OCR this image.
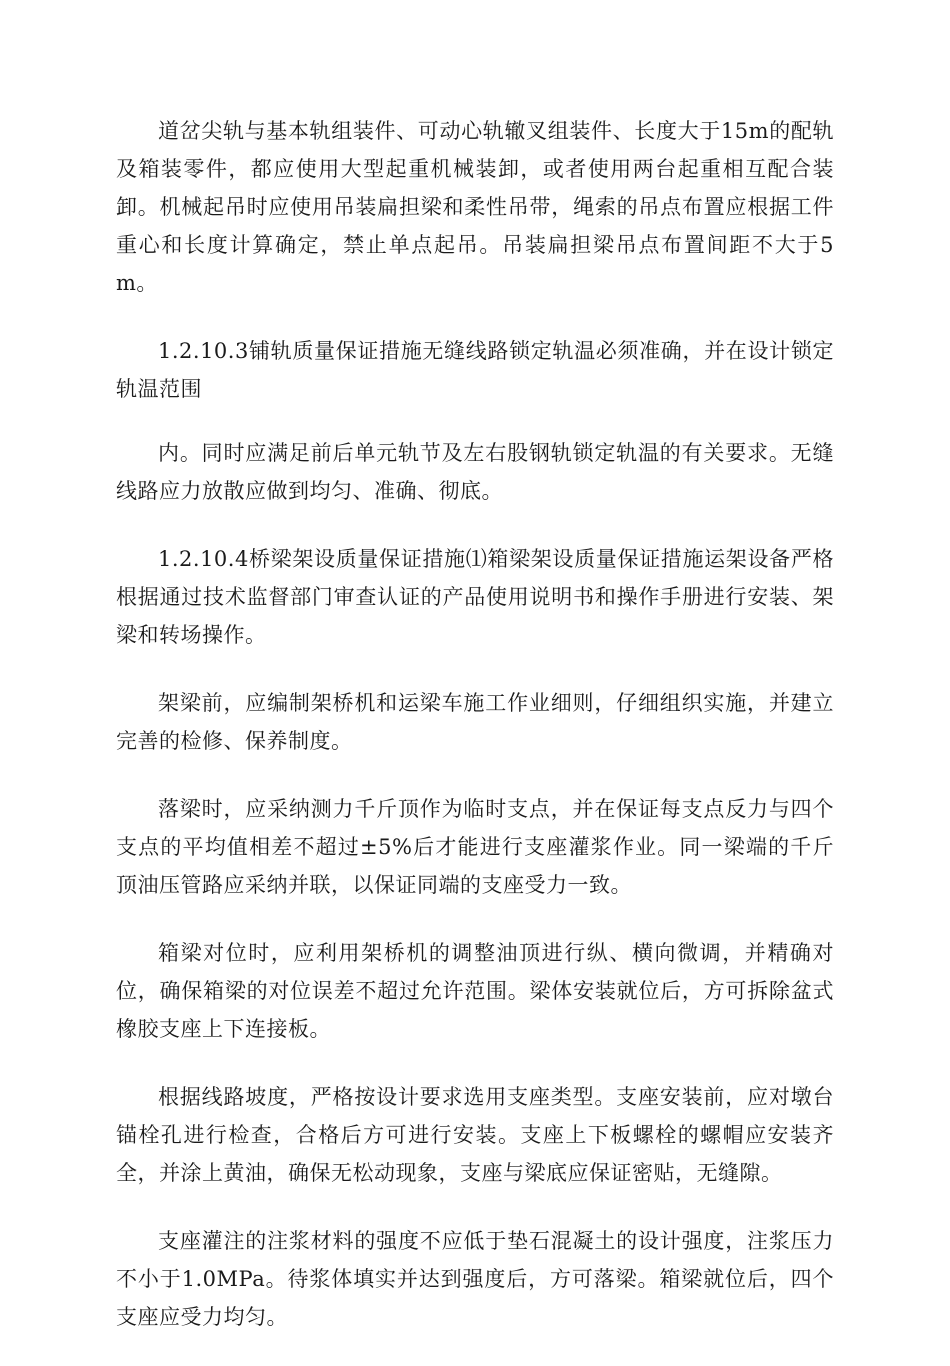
道岔尖轨与基本轨组装件、可动心轨辙叉组装件、长度大于15m的配轨及箱装零件，都应使用大型起重机械装卸，或者使用两台起重相互配合装卸。机械起吊时应使用吊装扁担梁和柔性吊带，绳索的吊点布置应根据工件重心和长度计算确定，禁止单点起吊。吊装扁担梁吊点布置间距不大于5m。

1.2.10.3铺轨质量保证措施无缝线路锁定轨温必须准确，并在设计锁定轨温范围

内。同时应满足前后单元轨节及左右股钢轨锁定轨温的有关要求。无缝线路应力放散应做到均匀、准确、彻底。

1.2.10.4桥梁架设质量保证措施⑴箱梁架设质量保证措施运架设备严格根据通过技术监督部门审查认证的产品使用说明书和操作手册进行安装、架梁和转场操作。

架梁前，应编制架桥机和运梁车施工作业细则，仔细组织实施，并建立完善的检修、保养制度。

落梁时，应采纳测力千斤顶作为临时支点，并在保证每支点反力与四个支点的平均值相差不超过±5%后才能进行支座灌浆作业。同一梁端的千斤顶油压管路应采纳并联，以保证同端的支座受力一致。

箱梁对位时，应利用架桥机的调整油顶进行纵、横向微调，并精确对位，确保箱梁的对位误差不超过允许范围。梁体安装就位后，方可拆除盆式橡胶支座上下连接板。

根据线路坡度，严格按设计要求选用支座类型。支座安装前，应对墩台锚栓孔进行检查，合格后方可进行安装。支座上下板螺栓的螺帽应安装齐全，并涂上黄油，确保无松动现象，支座与梁底应保证密贴，无缝隙。

支座灌注的注浆材料的强度不应低于垫石混凝土的设计强度，注浆压力不小于1.0MPa。待浆体填实并达到强度后，方可落梁。箱梁就位后，四个支座应受力均匀。
